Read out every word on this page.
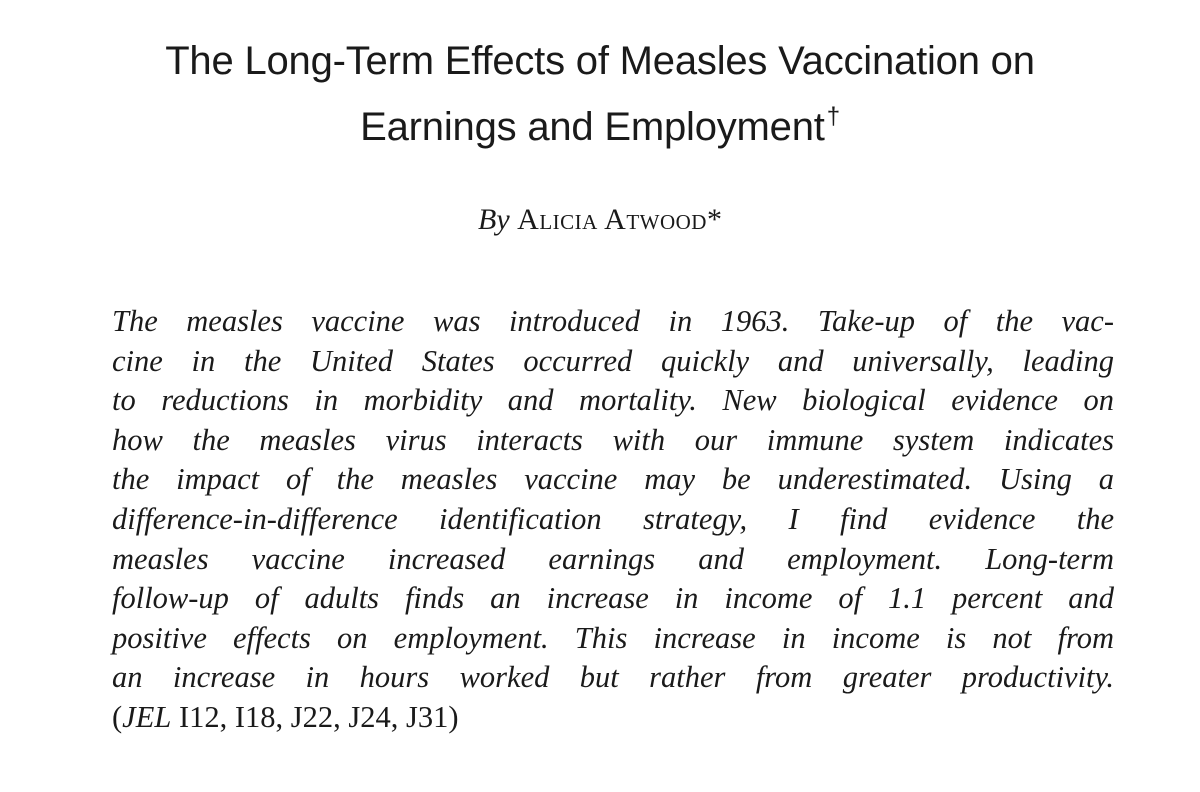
The Long-Term Effects of Measles Vaccination on
Earnings and Employment†
By Alicia Atwood*
The measles vaccine was introduced in 1963. Take-up of the vac-
cine in the United States occurred quickly and universally, leading
to reductions in morbidity and mortality. New biological evidence on
how the measles virus interacts with our immune system indicates
the impact of the measles vaccine may be underestimated. Using a
difference-in-difference identification strategy, I find evidence the
measles vaccine increased earnings and employment. Long-term
follow-up of adults finds an increase in income of 1.1 percent and
positive effects on employment. This increase in income is not from
an increase in hours worked but rather from greater productivity.
(JEL I12, I18, J22, J24, J31)
